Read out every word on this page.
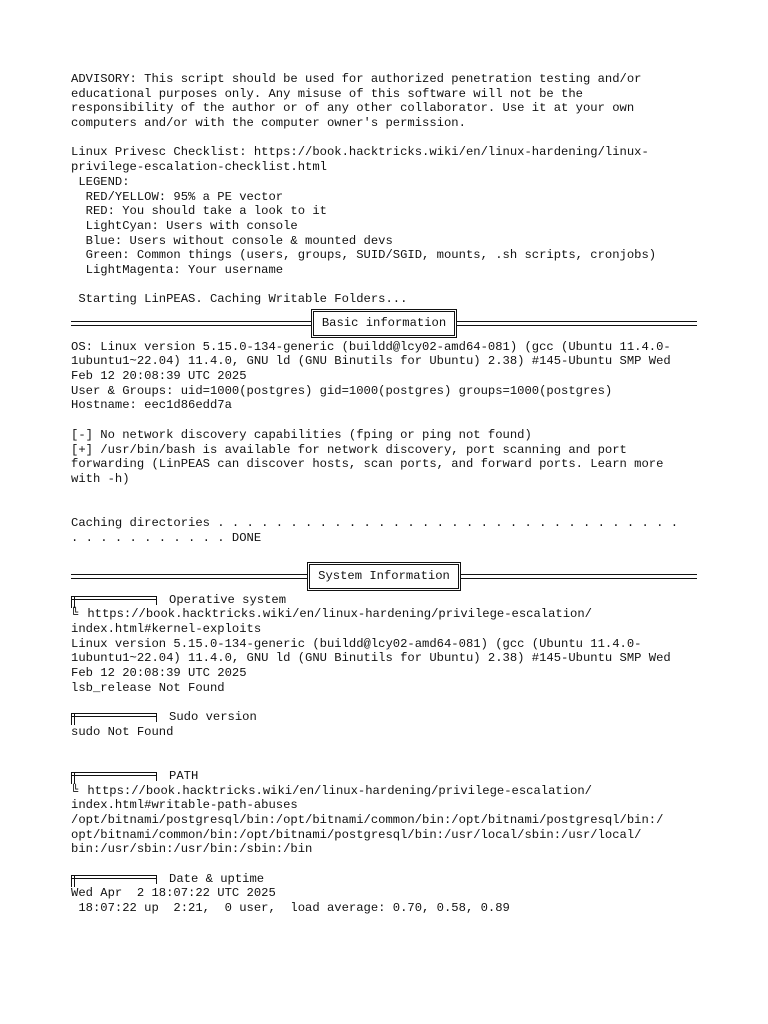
ADVISORY: This script should be used for authorized penetration testing and/or
educational purposes only. Any misuse of this software will not be the
responsibility of the author or of any other collaborator. Use it at your own
computers and/or with the computer owner's permission.
Linux Privesc Checklist: https://book.hacktricks.wiki/en/linux-hardening/linux-
privilege-escalation-checklist.html
LEGEND:
RED/YELLOW: 95% a PE vector
RED: You should take a look to it
LightCyan: Users with console
Blue: Users without console & mounted devs
Green: Common things (users, groups, SUID/SGID, mounts, .sh scripts, cronjobs)
LightMagenta: Your username
Starting LinPEAS. Caching Writable Folders...
Basic information
OS: Linux version 5.15.0-134-generic (buildd@lcy02-amd64-081) (gcc (Ubuntu 11.4.0-
1ubuntu1~22.04) 11.4.0, GNU ld (GNU Binutils for Ubuntu) 2.38) #145-Ubuntu SMP Wed
Feb 12 20:08:39 UTC 2025
User & Groups: uid=1000(postgres) gid=1000(postgres) groups=1000(postgres)
Hostname: eec1d86edd7a
[-] No network discovery capabilities (fping or ping not found)
[+] /usr/bin/bash is available for network discovery, port scanning and port
forwarding (LinPEAS can discover hosts, scan ports, and forward ports. Learn more
with -h)
Caching directories . . . . . . . . . . . . . . . . . . . . . . . . . . . . . . . .
. . . . . . . . . . . DONE
System Information

Operative system
╚ https://book.hacktricks.wiki/en/linux-hardening/privilege-escalation/
index.html#kernel-exploits
Linux version 5.15.0-134-generic (buildd@lcy02-amd64-081) (gcc (Ubuntu 11.4.0-
1ubuntu1~22.04) 11.4.0, GNU ld (GNU Binutils for Ubuntu) 2.38) #145-Ubuntu SMP Wed
Feb 12 20:08:39 UTC 2025
lsb_release Not Found

Sudo version
sudo Not Found

PATH
╚ https://book.hacktricks.wiki/en/linux-hardening/privilege-escalation/
index.html#writable-path-abuses
/opt/bitnami/postgresql/bin:/opt/bitnami/common/bin:/opt/bitnami/postgresql/bin:/
opt/bitnami/common/bin:/opt/bitnami/postgresql/bin:/usr/local/sbin:/usr/local/
bin:/usr/sbin:/usr/bin:/sbin:/bin

Date & uptime
Wed Apr  2 18:07:22 UTC 2025
18:07:22 up  2:21,  0 user,  load average: 0.70, 0.58, 0.89
